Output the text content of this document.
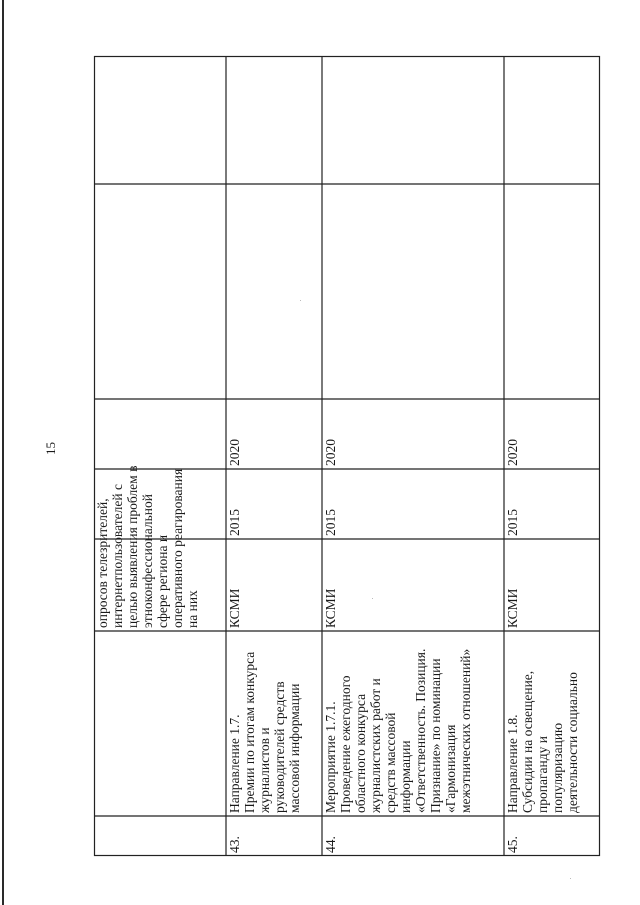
15
опросов телезрителей, интернетпользователей с целью выявления проблем в этноконфессиональной сфере региона и оперативного реагирования на них
43.
Направление 1.7. Премии по итогам конкурса журналистов и руководителей средств массовой информации
КСМИ
2015
2020
44.
Мероприятие 1.7.1. Проведение ежегодного областного конкурса журналистских работ и средств массовой информации «Ответственность. Позиция. Признание» по номинации «Гармонизация межэтнических отношений»
КСМИ
2015
2020
45.
Направление 1.8. Субсидии на освещение, пропаганду и популяризацию деятельности социально
КСМИ
2015
2020
